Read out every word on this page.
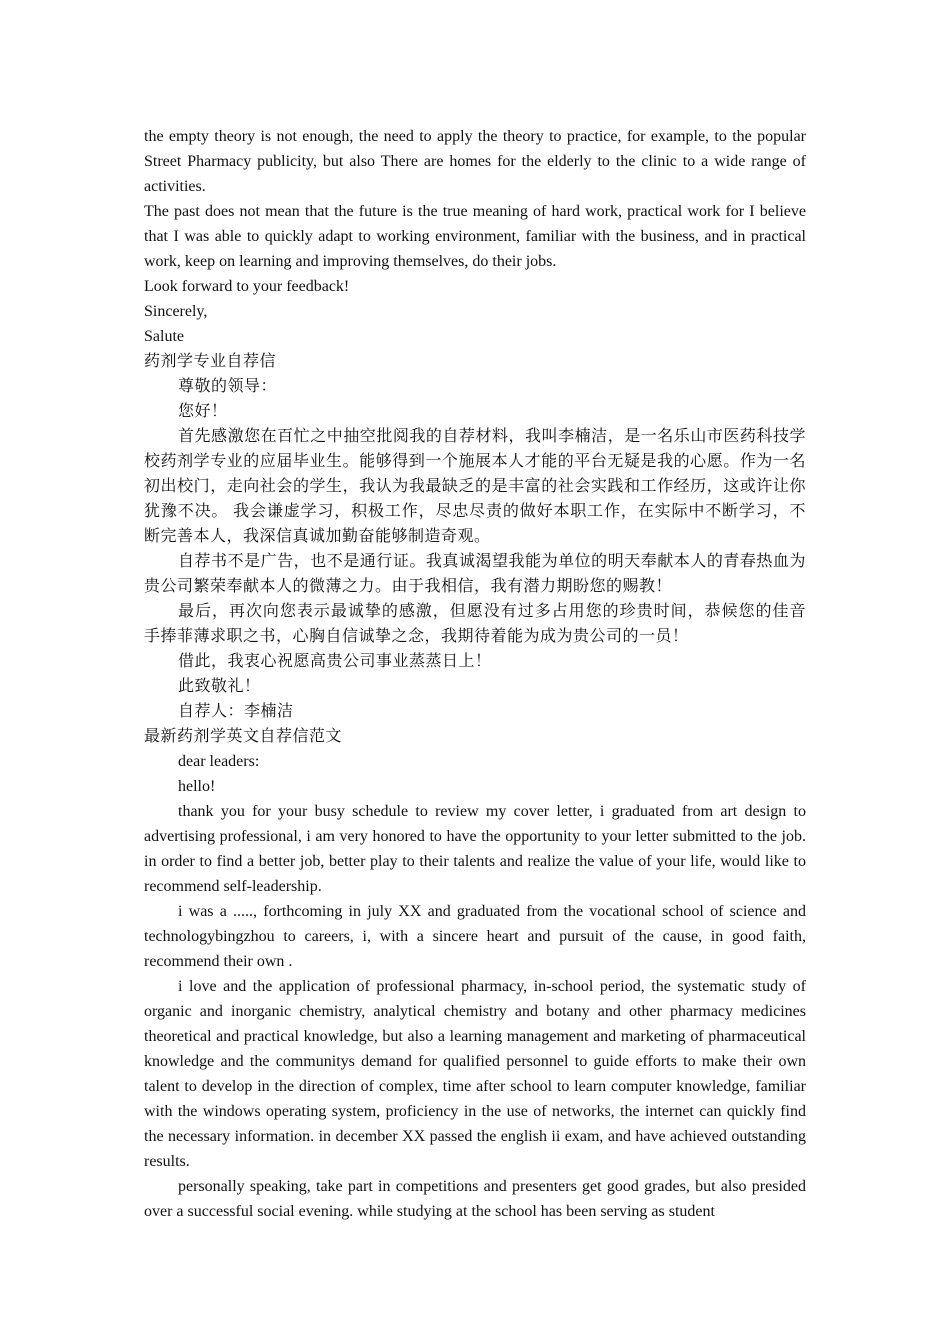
the empty theory is not enough, the need to apply the theory to practice, for example, to the popular Street Pharmacy publicity, but also There are homes for the elderly to the clinic to a wide range of activities.

The past does not mean that the future is the true meaning of hard work, practical work for I believe that I was able to quickly adapt to working environment, familiar with the business, and in practical work, keep on learning and improving themselves, do their jobs.

Look forward to your feedback!

Sincerely,

Salute

药剂学专业自荐信

尊敬的领导：

您好！

首先感激您在百忙之中抽空批阅我的自荐材料，我叫李楠洁，是一名乐山市医药科技学校药剂学专业的应届毕业生。能够得到一个施展本人才能的平台无疑是我的心愿。作为一名初出校门，走向社会的学生，我认为我最缺乏的是丰富的社会实践和工作经历，这或许让你犹豫不决。 我会谦虚学习，积极工作，尽忠尽责的做好本职工作，在实际中不断学习，不断完善本人，我深信真诚加勤奋能够制造奇观。

自荐书不是广告，也不是通行证。我真诚渴望我能为单位的明天奉献本人的青春热血为贵公司繁荣奉献本人的微薄之力。由于我相信，我有潜力期盼您的赐教！

最后，再次向您表示最诚挚的感激，但愿没有过多占用您的珍贵时间，恭候您的佳音 手捧菲薄求职之书，心胸自信诚挚之念，我期待着能为成为贵公司的一员！

借此，我衷心祝愿高贵公司事业蒸蒸日上！

此致敬礼！

自荐人：李楠洁

最新药剂学英文自荐信范文

dear leaders:

hello!

thank you for your busy schedule to review my cover letter, i graduated from art design to advertising professional, i am very honored to have the opportunity to your letter submitted to the job. in order to find a better job, better play to their talents and realize the value of your life, would like to recommend self-leadership.

i was a ....., forthcoming in july XX and graduated from the vocational school of science and technologybingzhou to careers, i, with a sincere heart and pursuit of the cause, in good faith, recommend their own .

i love and the application of professional pharmacy, in-school period, the systematic study of organic and inorganic chemistry, analytical chemistry and botany and other pharmacy medicines theoretical and practical knowledge, but also a learning management and marketing of pharmaceutical knowledge and the communitys demand for qualified personnel to guide efforts to make their own talent to develop in the direction of complex, time after school to learn computer knowledge, familiar with the windows operating system, proficiency in the use of networks, the internet can quickly find the necessary information. in december XX passed the english ii exam, and have achieved outstanding results.

personally speaking, take part in competitions and presenters get good grades, but also presided over a successful social evening. while studying at the school has been serving as student
